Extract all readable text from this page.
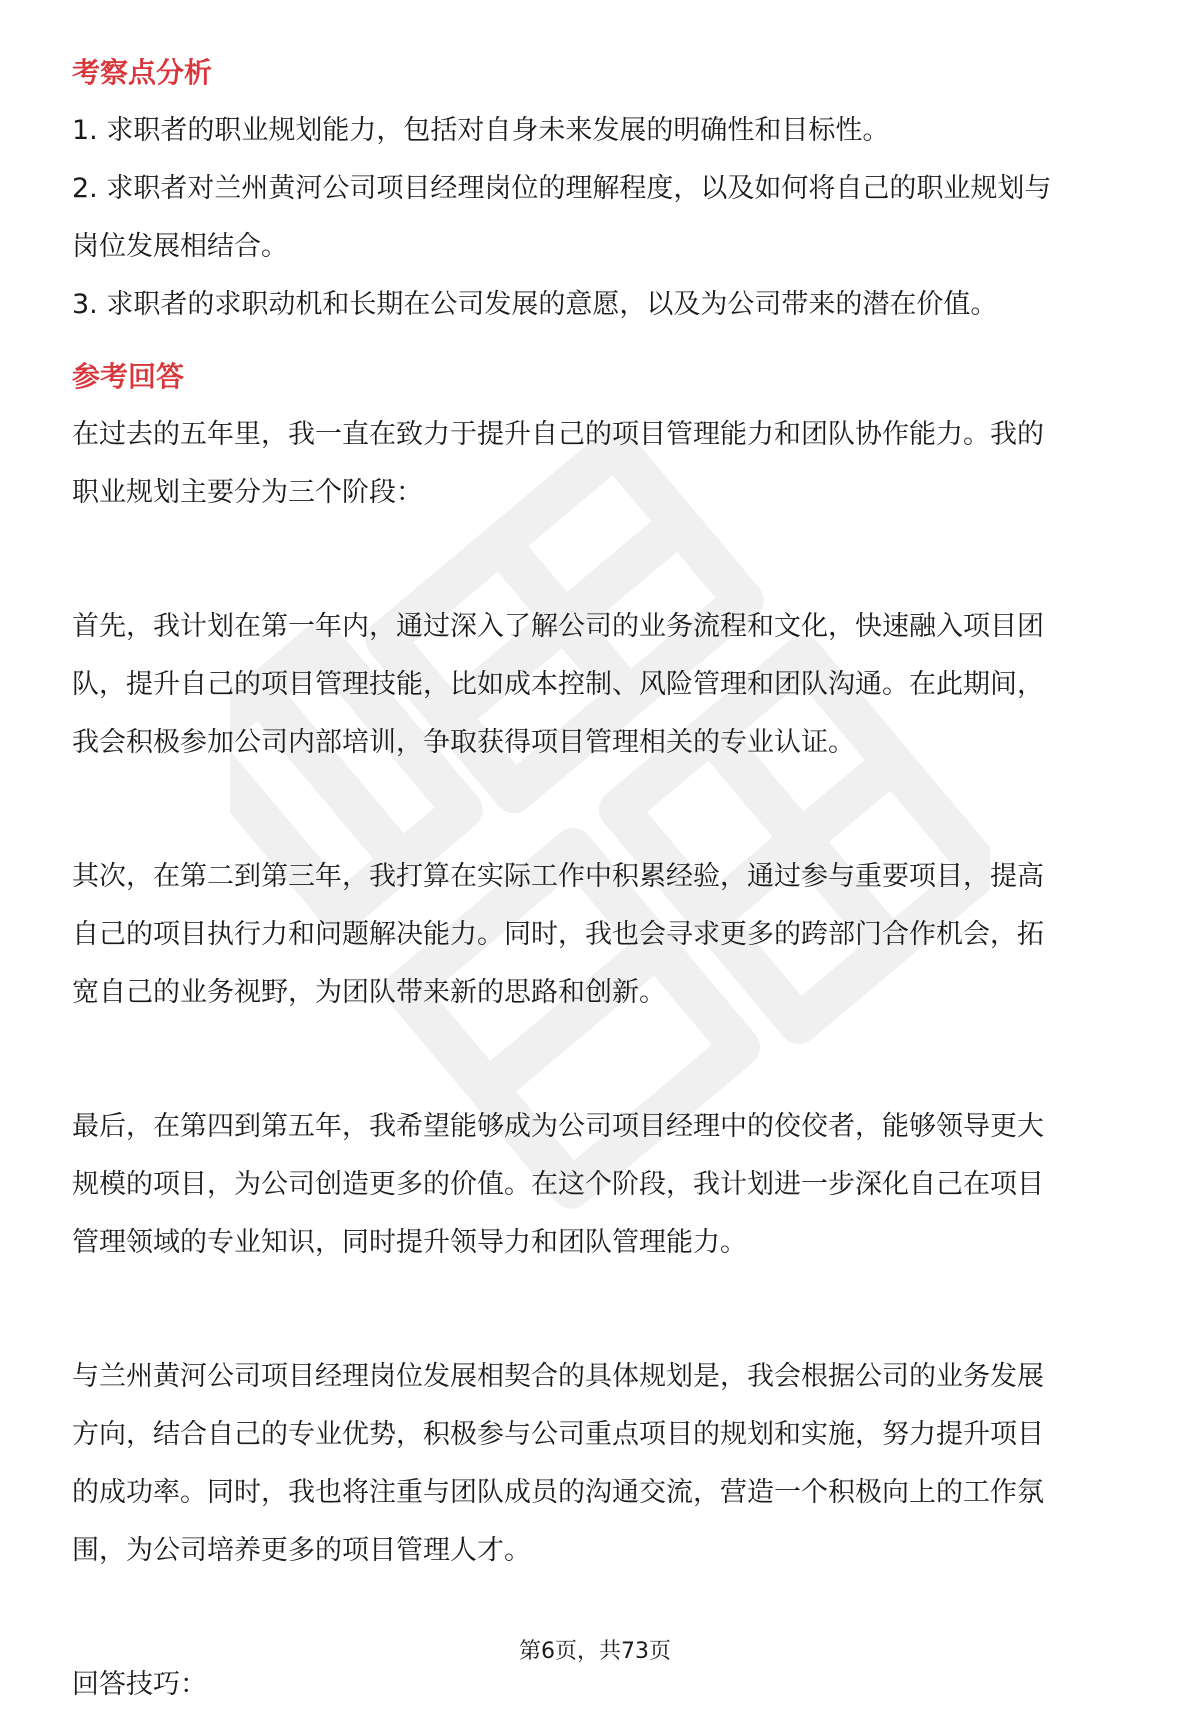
考察点分析

1. 求职者的职业规划能力，包括对自身未来发展的明确性和目标性。

2. 求职者对兰州黄河公司项目经理岗位的理解程度，以及如何将自己的职业规划与

岗位发展相结合。

3. 求职者的求职动机和长期在公司发展的意愿，以及为公司带来的潜在价值。

参考回答

在过去的五年里，我一直在致力于提升自己的项目管理能力和团队协作能力。我的

职业规划主要分为三个阶段：

首先，我计划在第一年内，通过深入了解公司的业务流程和文化，快速融入项目团

队，提升自己的项目管理技能，比如成本控制、风险管理和团队沟通。在此期间，

我会积极参加公司内部培训，争取获得项目管理相关的专业认证。

其次，在第二到第三年，我打算在实际工作中积累经验，通过参与重要项目，提高

自己的项目执行力和问题解决能力。同时，我也会寻求更多的跨部门合作机会，拓

宽自己的业务视野，为团队带来新的思路和创新。

最后，在第四到第五年，我希望能够成为公司项目经理中的佼佼者，能够领导更大

规模的项目，为公司创造更多的价值。在这个阶段，我计划进一步深化自己在项目

管理领域的专业知识，同时提升领导力和团队管理能力。

与兰州黄河公司项目经理岗位发展相契合的具体规划是，我会根据公司的业务发展

方向，结合自己的专业优势，积极参与公司重点项目的规划和实施，努力提升项目

的成功率。同时，我也将注重与团队成员的沟通交流，营造一个积极向上的工作氛

围，为公司培养更多的项目管理人才。

回答技巧：

第6页，共73页
